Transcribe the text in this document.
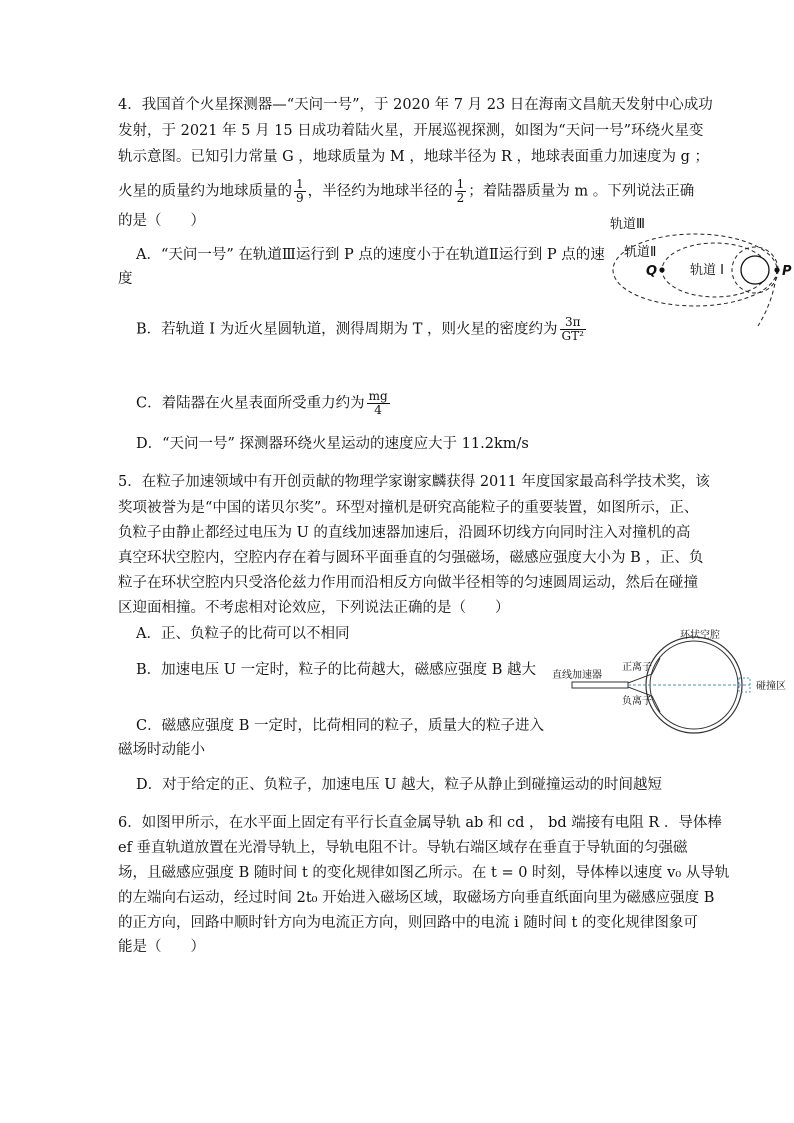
4．我国首个火星探测器—“天问一号”，于 2020 年 7 月 23 日在海南文昌航天发射中心成功
发射，于 2021 年 5 月 15 日成功着陆火星，开展巡视探测，如图为“天问一号”环绕火星变
轨示意图。已知引力常量 G ，地球质量为 M ，地球半径为 R ，地球表面重力加速度为 g ；
火星的质量约为地球质量的 $\frac{1}{9}$ ，半径约为地球半径的 $\frac{1}{2}$ ；着陆器质量为 m 。下列说法正确
的是（　　）
A．“天问一号” 在轨道Ⅲ运行到 P 点的速度小于在轨道Ⅱ运行到 P 点的速
度
B．若轨道 I 为近火星圆轨道，测得周期为 T ，则火星的密度约为 $\frac{3\pi}{\text{GT²}}$
C．着陆器在火星表面所受重力约为 $\frac{mg}{4}$
D．“天问一号” 探测器环绕火星运动的速度应大于 11.2km/s
轨道Ⅲ
轨道Ⅱ
轨道 I
Q	P
5．在粒子加速领域中有开创贡献的物理学家谢家麟获得 2011 年度国家最高科学技术奖，该
奖项被誉为是“中国的诺贝尔奖”。环型对撞机是研究高能粒子的重要装置，如图所示，正、
负粒子由静止都经过电压为 U 的直线加速器加速后，沿圆环切线方向同时注入对撞机的高
真空环状空腔内，空腔内存在着与圆环平面垂直的匀强磁场，磁感应强度大小为 B ，正、负
粒子在环状空腔内只受洛伦兹力作用而沿相反方向做半径相等的匀速圆周运动，然后在碰撞
区迎面相撞。不考虑相对论效应，下列说法正确的是（　　）
A．正、负粒子的比荷可以不相同
B．加速电压 U 一定时，粒子的比荷越大，磁感应强度 B 越大
C．磁感应强度 B 一定时，比荷相同的粒子，质量大的粒子进入
磁场时动能小
D．对于给定的正、负粒子，加速电压 U 越大，粒子从静止到碰撞运动的时间越短
环状空腔
直线加速器
正离子
负离子
碰撞区
6．如图甲所示，在水平面上固定有平行长直金属导轨 ab 和 cd ， bd 端接有电阻 R ．导体棒
ef 垂直轨道放置在光滑导轨上，导轨电阻不计。导轨右端区域存在垂直于导轨面的匀强磁
场，且磁感应强度 B 随时间 t 的变化规律如图乙所示。在 t = 0 时刻，导体棒以速度 v₀ 从导轨
的左端向右运动，经过时间 2t₀ 开始进入磁场区域，取磁场方向垂直纸面向里为磁感应强度 B
的正方向，回路中顺时针方向为电流正方向，则回路中的电流 i 随时间 t 的变化规律图象可
能是（　　）
